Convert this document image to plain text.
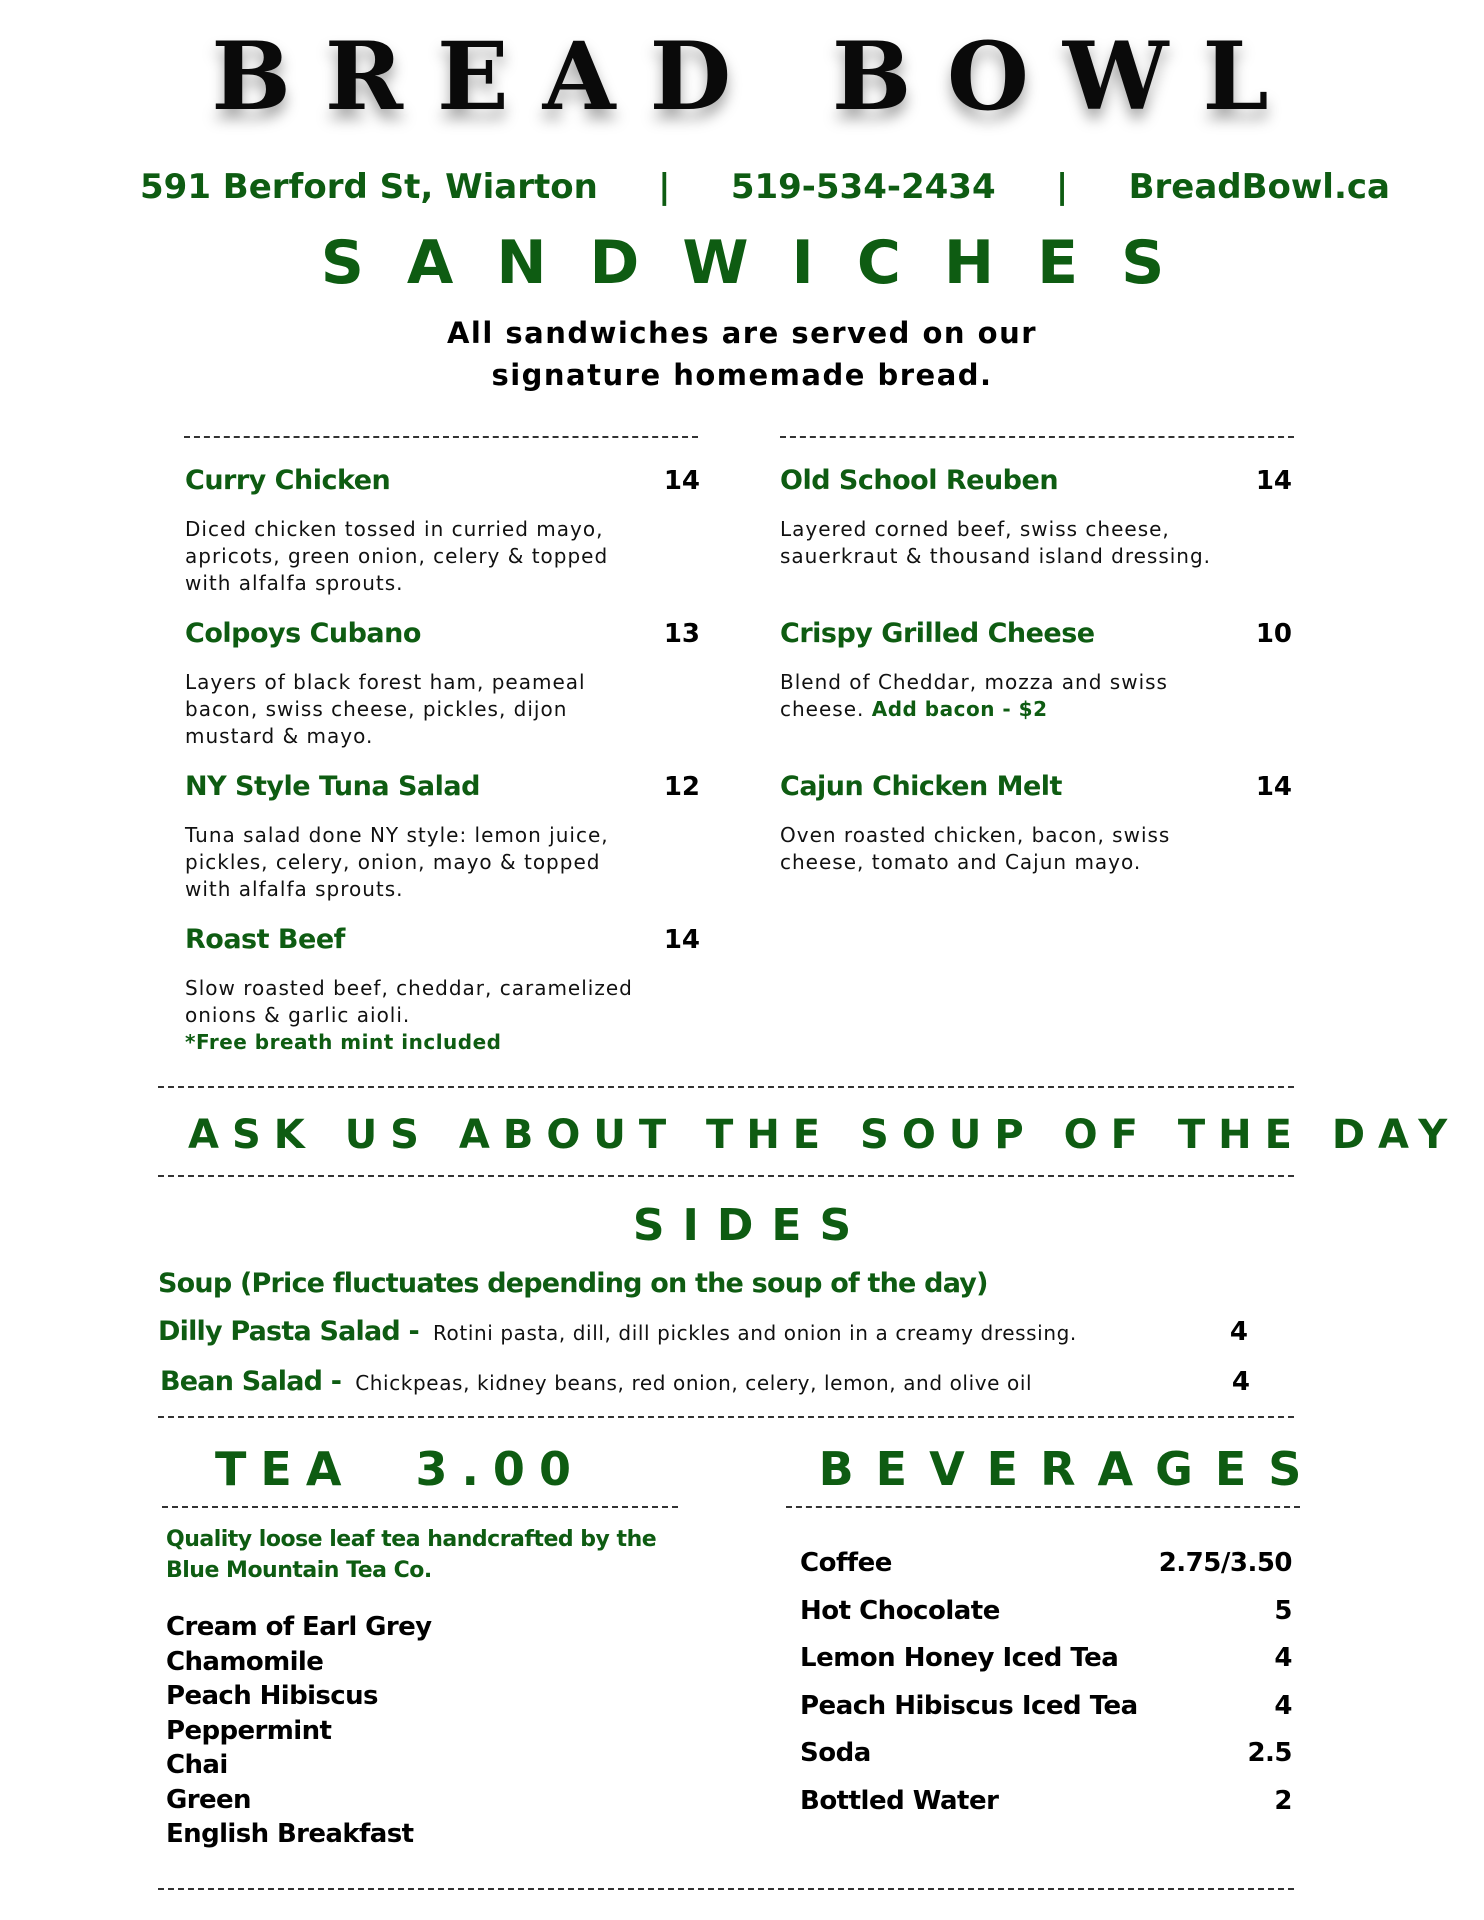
BREAD BOWL
591 Berford St, Wiarton | 519-534-2434 | BreadBowl.ca
SANDWICHES
All sandwiches are served on our
signature homemade bread.
Curry Chicken	14
Diced chicken tossed in curried mayo, apricots, green onion, celery & topped with alfalfa sprouts.
Colpoys Cubano	13
Layers of black forest ham, peameal bacon, swiss cheese, pickles, dijon mustard & mayo.
NY Style Tuna Salad	12
Tuna salad done NY style: lemon juice, pickles, celery, onion, mayo & topped with alfalfa sprouts.
Roast Beef	14
Slow roasted beef, cheddar, caramelized onions & garlic aioli.
*Free breath mint included
Old School Reuben	14
Layered corned beef, swiss cheese, sauerkraut & thousand island dressing.
Crispy Grilled Cheese	10
Blend of Cheddar, mozza and swiss cheese. Add bacon - $2
Cajun Chicken Melt	14
Oven roasted chicken, bacon, swiss cheese, tomato and Cajun mayo.
ASK US ABOUT THE SOUP OF THE DAY
SIDES
Soup (Price fluctuates depending on the soup of the day)
Dilly Pasta Salad - Rotini pasta, dill, dill pickles and onion in a creamy dressing.	4
Bean Salad - Chickpeas, kidney beans, red onion, celery, lemon, and olive oil	4
TEA 3.00
Quality loose leaf tea handcrafted by the Blue Mountain Tea Co.
Cream of Earl Grey
Chamomile
Peach Hibiscus
Peppermint
Chai
Green
English Breakfast
BEVERAGES
Coffee	2.75/3.50
Hot Chocolate	5
Lemon Honey Iced Tea	4
Peach Hibiscus Iced Tea	4
Soda	2.5
Bottled Water	2
